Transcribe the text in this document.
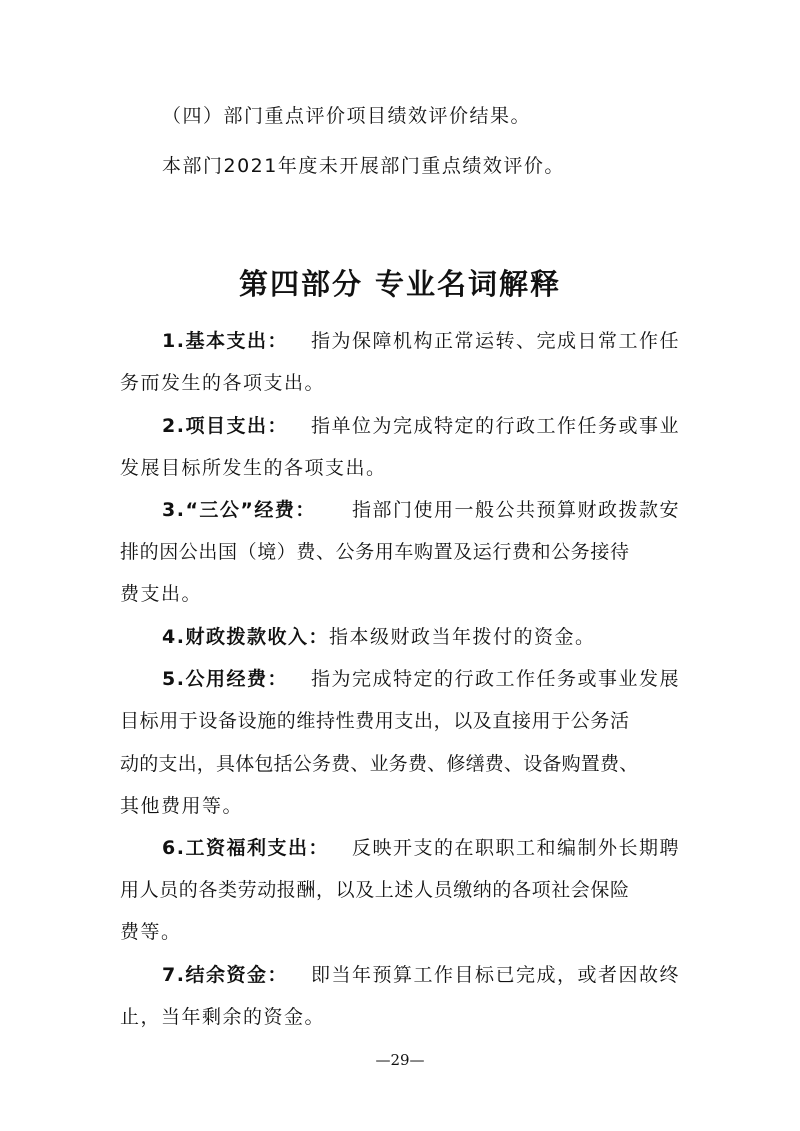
（四）部门重点评价项目绩效评价结果。
本部门2021年度未开展部门重点绩效评价。
第四部分 专业名词解释
1.基本支出： 指为保障机构正常运转、完成日常工作任
务而发生的各项支出。
2.项目支出： 指单位为完成特定的行政工作任务或事业
发展目标所发生的各项支出。
3.“三公”经费： 指部门使用一般公共预算财政拨款安
排的因公出国（境）费、公务用车购置及运行费和公务接待
费支出。
4.财政拨款收入：指本级财政当年拨付的资金。
5.公用经费： 指为完成特定的行政工作任务或事业发展
目标用于设备设施的维持性费用支出，以及直接用于公务活
动的支出，具体包括公务费、业务费、修缮费、设备购置费、
其他费用等。
6.工资福利支出： 反映开支的在职职工和编制外长期聘
用人员的各类劳动报酬，以及上述人员缴纳的各项社会保险
费等。
7.结余资金： 即当年预算工作目标已完成，或者因故终
止，当年剩余的资金。
—29—
